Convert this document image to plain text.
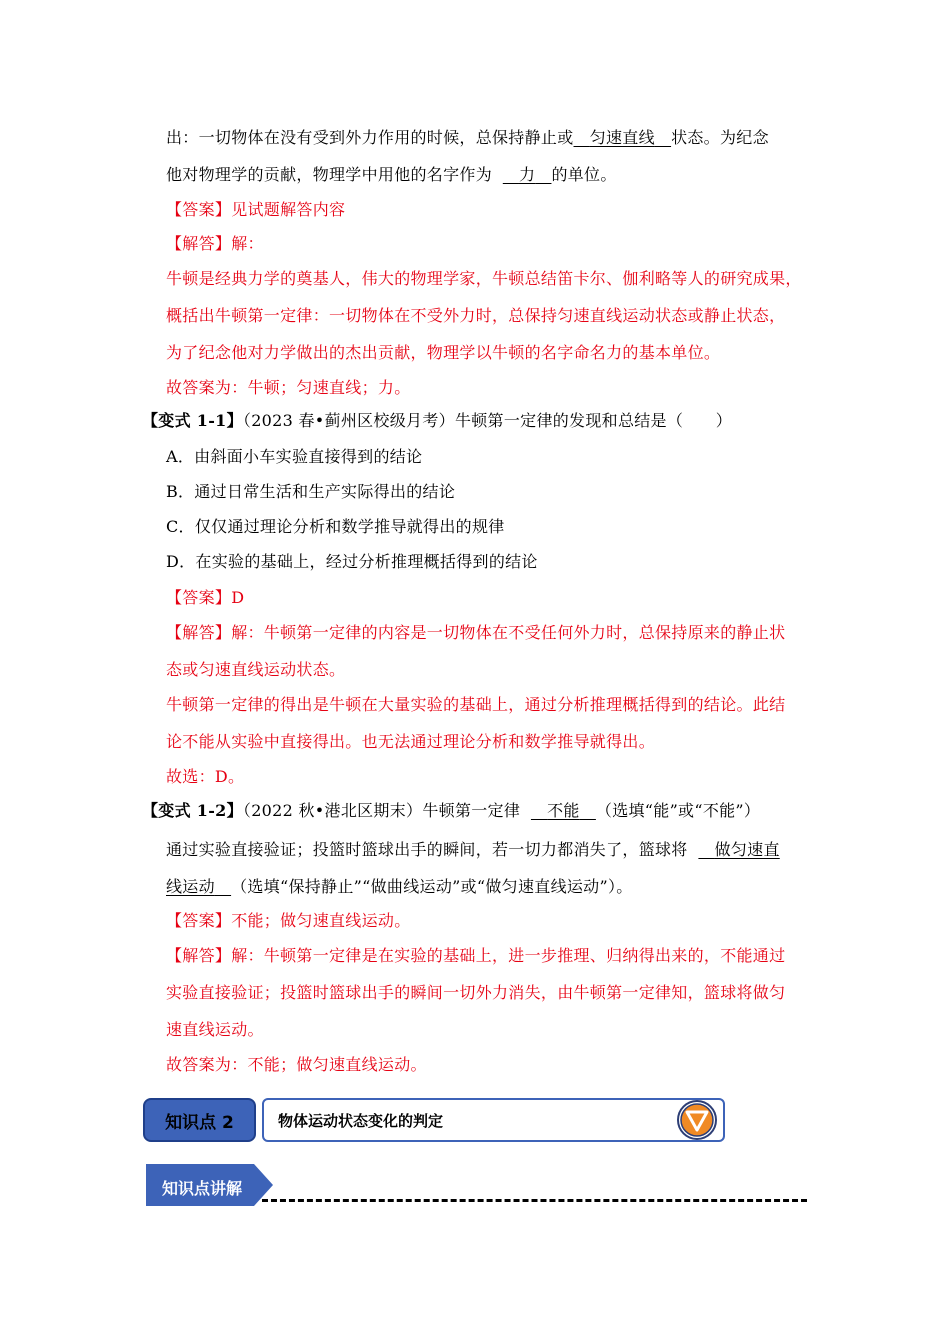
出：一切物体在没有受到外力作用的时候，总保持静止或 匀速直线 状态。为纪念
他对物理学的贡献，物理学中用他的名字作为 力 的单位。
【答案】见试题解答内容
【解答】解：
牛顿是经典力学的奠基人，伟大的物理学家，牛顿总结笛卡尔、伽利略等人的研究成果，
概括出牛顿第一定律：一切物体在不受外力时，总保持匀速直线运动状态或静止状态，
为了纪念他对力学做出的杰出贡献，物理学以牛顿的名字命名力的基本单位。
故答案为：牛顿；匀速直线；力。
【变式 1-1】（2023 春•蓟州区校级月考）牛顿第一定律的发现和总结是（　　）
A．由斜面小车实验直接得到的结论
B．通过日常生活和生产实际得出的结论
C．仅仅通过理论分析和数学推导就得出的规律
D．在实验的基础上，经过分析推理概括得到的结论
【答案】D
【解答】解：牛顿第一定律的内容是一切物体在不受任何外力时，总保持原来的静止状
态或匀速直线运动状态。
牛顿第一定律的得出是牛顿在大量实验的基础上，通过分析推理概括得到的结论。此结
论不能从实验中直接得出。也无法通过理论分析和数学推导就得出。
故选：D。
【变式 1-2】（2022 秋•港北区期末）牛顿第一定律 不能 （选填“能”或“不能”）
通过实验直接验证；投篮时篮球出手的瞬间，若一切力都消失了，篮球将 做匀速直
线运动 （选填“保持静止”“做曲线运动”或“做匀速直线运动”）。
【答案】不能；做匀速直线运动。
【解答】解：牛顿第一定律是在实验的基础上，进一步推理、归纳得出来的，不能通过
实验直接验证；投篮时篮球出手的瞬间一切外力消失，由牛顿第一定律知，篮球将做匀
速直线运动。
故答案为：不能；做匀速直线运动。
知识点 2	物体运动状态变化的判定
知识点讲解
